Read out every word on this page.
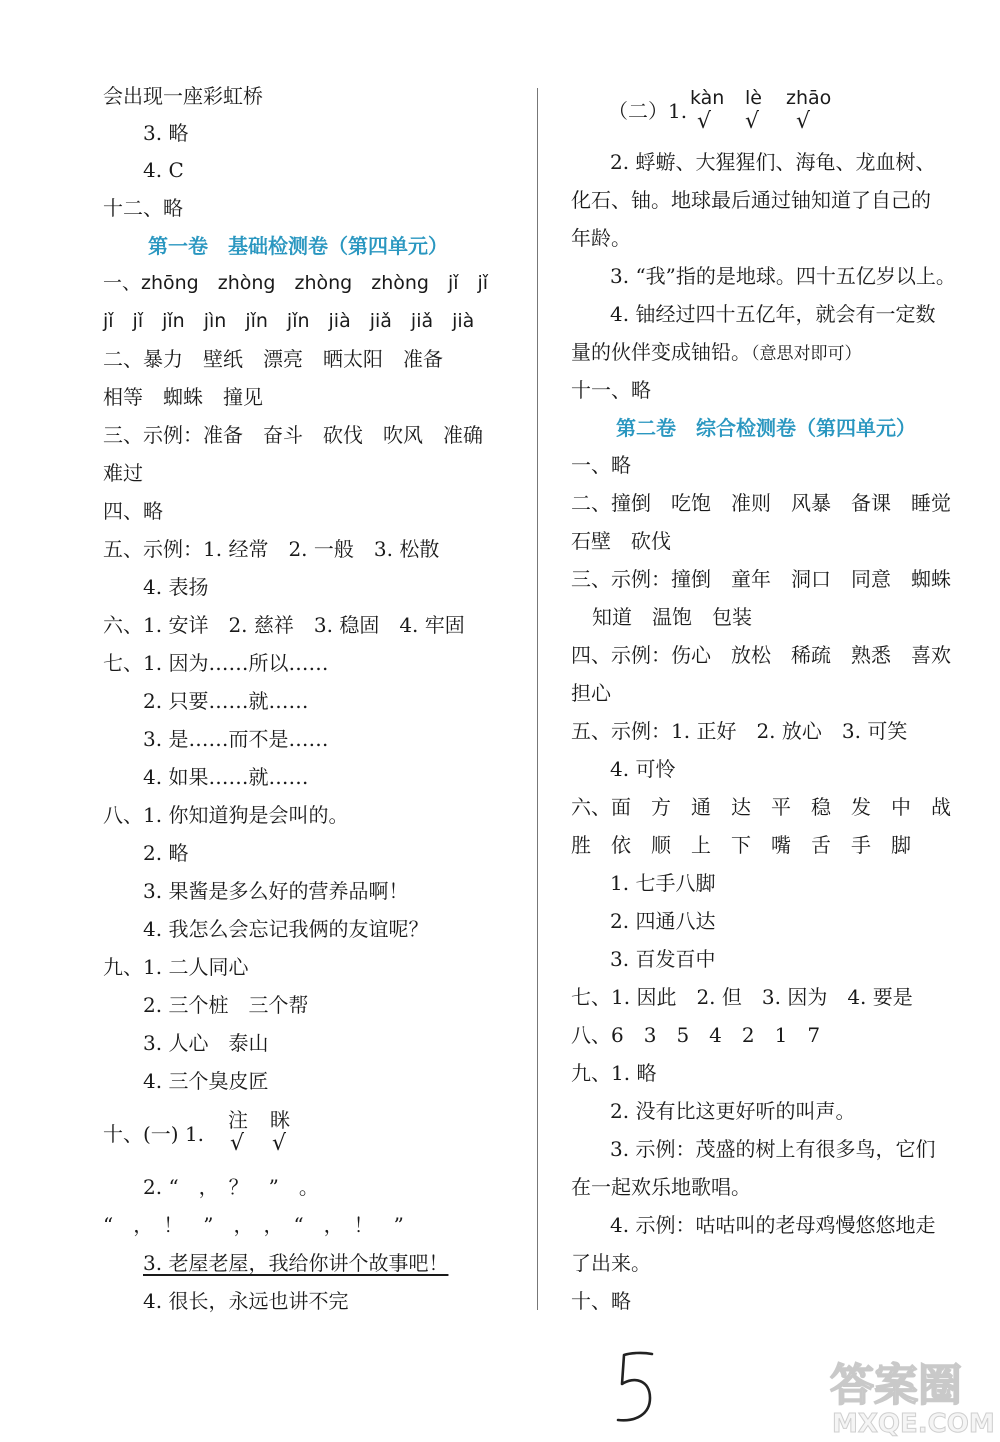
会出现一座彩虹桥
3. 略
4. C
十二、略
第一卷　基础检测卷（第四单元）
一、zhōng　zhòng　zhòng　zhòng　jǐ　jǐ
jǐ　jǐ　jǐn　jìn　jǐn　jǐn　jià　jiǎ　jiǎ　jià
二、暴力　壁纸　漂亮　晒太阳　准备
相等　蜘蛛　撞见
三、示例：准备　奋斗　砍伐　吹风　准确
难过
四、略
五、示例：1. 经常　2. 一般　3. 松散
4. 表扬
六、1. 安详　2. 慈祥　3. 稳固　4. 牢固
七、1. 因为……所以……
2. 只要……就……
3. 是……而不是……
4. 如果……就……
八、1. 你知道狗是会叫的。
2. 略
3. 果酱是多么好的营养品啊！
4. 我怎么会忘记我俩的友谊呢？
九、1. 二人同心
2. 三个桩　三个帮
3. 人心　泰山
4. 三个臭皮匠
十、(一) 1.
注 眯
√ √
2. “　，　？　”　。
“　，　！　”　，　，　“　，　！　”
3. 老屋老屋，我给你讲个故事吧！
4. 很长，永远也讲不完
（二）1.
kàn lè zhāo
√ √ √
2. 蜉蝣、大猩猩们、海龟、龙血树、
化石、铀。地球最后通过铀知道了自己的
年龄。
3. “我”指的是地球。四十五亿岁以上。
4. 铀经过四十五亿年，就会有一定数
量的伙伴变成铀铅。（意思对即可）
十一、略
第二卷　综合检测卷（第四单元）
一、略
二、撞倒　吃饱　准则　风暴　备课　睡觉
石壁　砍伐
三、示例：撞倒　童年　洞口　同意　蜘蛛
知道　温饱　包装
四、示例：伤心　放松　稀疏　熟悉　喜欢
担心
五、示例：1. 正好　2. 放心　3. 可笑
4. 可怜
六、面　方　通　达　平　稳　发　中　战
胜　依　顺　上　下　嘴　舌　手　脚
1. 七手八脚
2. 四通八达
3. 百发百中
七、1. 因此　2. 但　3. 因为　4. 要是
八、6　3　5　4　2　1　7
九、1. 略
2. 没有比这更好听的叫声。
3. 示例：茂盛的树上有很多鸟，它们
在一起欢乐地歌唱。
4. 示例：咕咕叫的老母鸡慢悠悠地走
了出来。
十、略
答案圈
MXQE.COM
